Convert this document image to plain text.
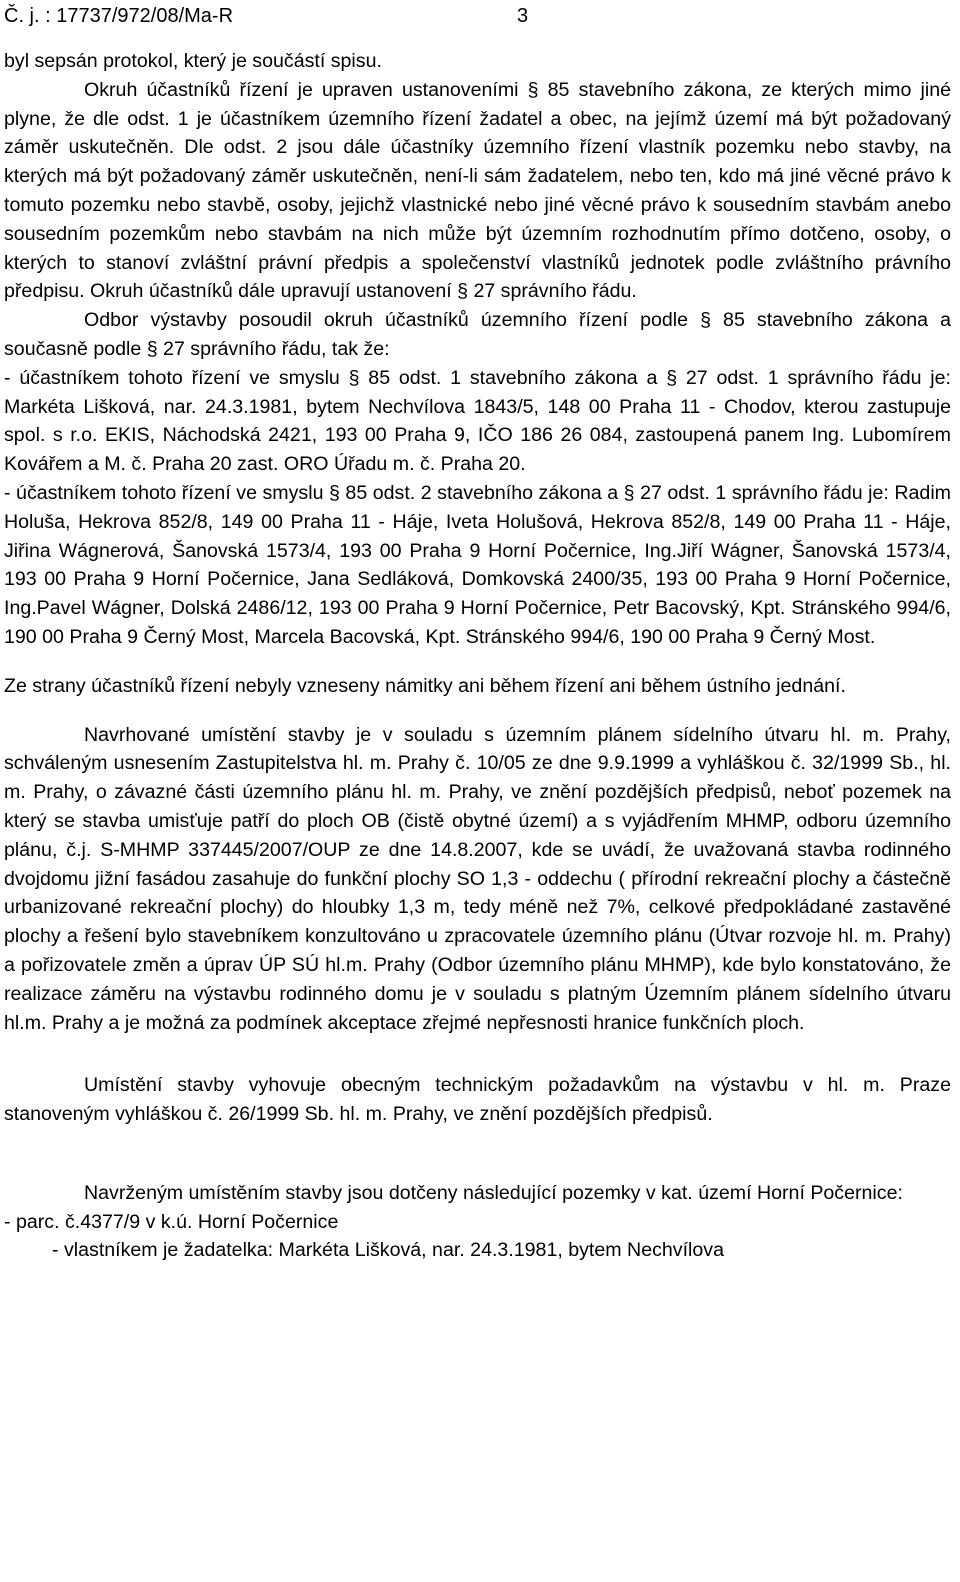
Č. j. : 17737/972/08/Ma-R	3

byl sepsán protokol, který je součástí spisu.

Okruh účastníků řízení je upraven ustanoveními § 85 stavebního zákona, ze kterých mimo jiné plyne, že dle odst. 1 je účastníkem územního řízení žadatel a obec, na jejímž území má být požadovaný záměr uskutečněn. Dle odst. 2 jsou dále účastníky územního řízení vlastník pozemku nebo stavby, na kterých má být požadovaný záměr uskutečněn, není-li sám žadatelem, nebo ten, kdo má jiné věcné právo k tomuto pozemku nebo stavbě, osoby, jejichž vlastnické nebo jiné věcné právo k sousedním stavbám anebo sousedním pozemkům nebo stavbám na nich může být územním rozhodnutím přímo dotčeno, osoby, o kterých to stanoví zvláštní právní předpis a společenství vlastníků jednotek podle zvláštního právního předpisu. Okruh účastníků dále upravují ustanovení § 27 správního řádu.

Odbor výstavby posoudil okruh účastníků územního řízení podle § 85 stavebního zákona a současně podle § 27 správního řádu, tak že:

- účastníkem tohoto řízení ve smyslu § 85 odst. 1 stavebního zákona a § 27 odst. 1 správního řádu je: Markéta Lišková, nar. 24.3.1981, bytem Nechvílova 1843/5, 148 00 Praha 11 - Chodov, kterou zastupuje spol. s r.o. EKIS, Náchodská 2421, 193 00 Praha 9, IČO 186 26 084, zastoupená panem Ing. Lubomírem Kovářem a M. č. Praha 20 zast. ORO Úřadu m. č. Praha 20.

- účastníkem tohoto řízení ve smyslu § 85 odst. 2 stavebního zákona a § 27 odst. 1 správního řádu je: Radim Holuša, Hekrova 852/8, 149 00 Praha 11 - Háje, Iveta Holušová, Hekrova 852/8, 149 00 Praha 11 - Háje, Jiřina Wágnerová, Šanovská 1573/4, 193 00 Praha 9 Horní Počernice, Ing.Jiří Wágner, Šanovská 1573/4, 193 00 Praha 9 Horní Počernice, Jana Sedláková, Domkovská 2400/35, 193 00 Praha 9 Horní Počernice, Ing.Pavel Wágner, Dolská 2486/12, 193 00 Praha 9 Horní Počernice, Petr Bacovský, Kpt. Stránského 994/6, 190 00 Praha 9 Černý Most, Marcela Bacovská, Kpt. Stránského 994/6, 190 00 Praha 9 Černý Most.

Ze strany účastníků řízení nebyly vzneseny námitky ani během řízení ani během ústního jednání.

Navrhované umístění stavby je v souladu s územním plánem sídelního útvaru hl. m. Prahy, schváleným usnesením Zastupitelstva hl. m. Prahy č. 10/05 ze dne 9.9.1999 a vyhláškou č. 32/1999 Sb., hl. m. Prahy, o závazné části územního plánu hl. m. Prahy, ve znění pozdějších předpisů, neboť pozemek na který se stavba umisťuje patří do ploch OB (čistě obytné území) a s vyjádřením MHMP, odboru územního plánu, č.j. S-MHMP 337445/2007/OUP ze dne 14.8.2007, kde se uvádí, že uvažovaná stavba rodinného dvojdomu jižní fasádou zasahuje do funkční plochy SO 1,3 - oddechu ( přírodní rekreační plochy a částečně urbanizované rekreační plochy) do hloubky 1,3 m, tedy méně než 7%, celkové předpokládané zastavěné plochy a řešení bylo stavebníkem konzultováno u zpracovatele územního plánu (Útvar rozvoje hl. m. Prahy) a pořizovatele změn a úprav ÚP SÚ hl.m. Prahy (Odbor územního plánu MHMP), kde bylo konstatováno, že realizace záměru na výstavbu rodinného domu je v souladu s platným Územním plánem sídelního útvaru hl.m. Prahy a je možná za podmínek akceptace zřejmé nepřesnosti hranice funkčních ploch.

Umístění stavby vyhovuje obecným technickým požadavkům na výstavbu v hl. m. Praze stanoveným vyhláškou č. 26/1999 Sb. hl. m. Prahy, ve znění pozdějších předpisů.

Navrženým umístěním stavby jsou dotčeny následující pozemky v kat. území Horní Počernice:

- parc. č.4377/9 v k.ú. Horní Počernice

- vlastníkem je žadatelka: Markéta Lišková, nar. 24.3.1981, bytem Nechvílova
